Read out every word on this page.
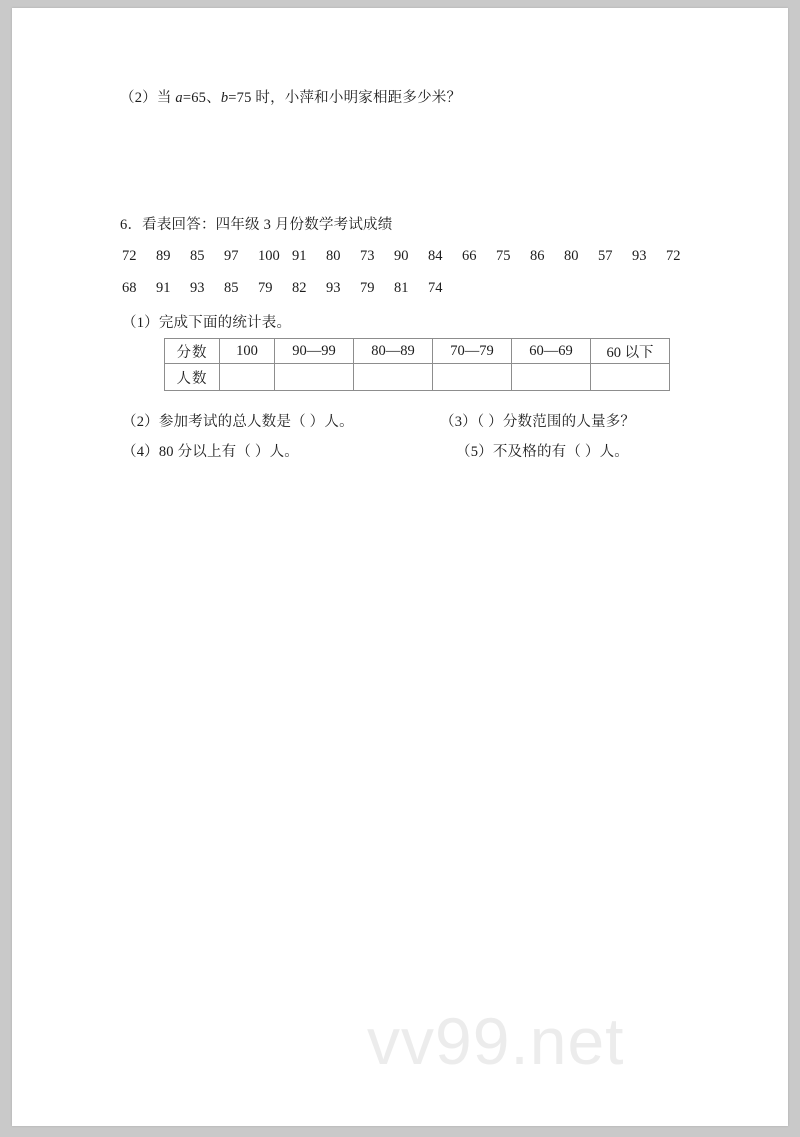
（2）当 a=65、b=75 时，小萍和小明家相距多少米？
6．看表回答：四年级 3 月份数学考试成绩
72	89	85	97	100 91	80	73	90	84	66	75	86	80	57	93	72
68	91	93	85	79	82	93	79	81	74
（1）完成下面的统计表。
分数	100	90—99	80—89	70—79	60—69	60 以下
人数						
（2）参加考试的总人数是（ ）人。	（3）（ ）分数范围的人量多？
（4）80 分以上有（ ）人。	（5）不及格的有（ ）人。
vv99.net
